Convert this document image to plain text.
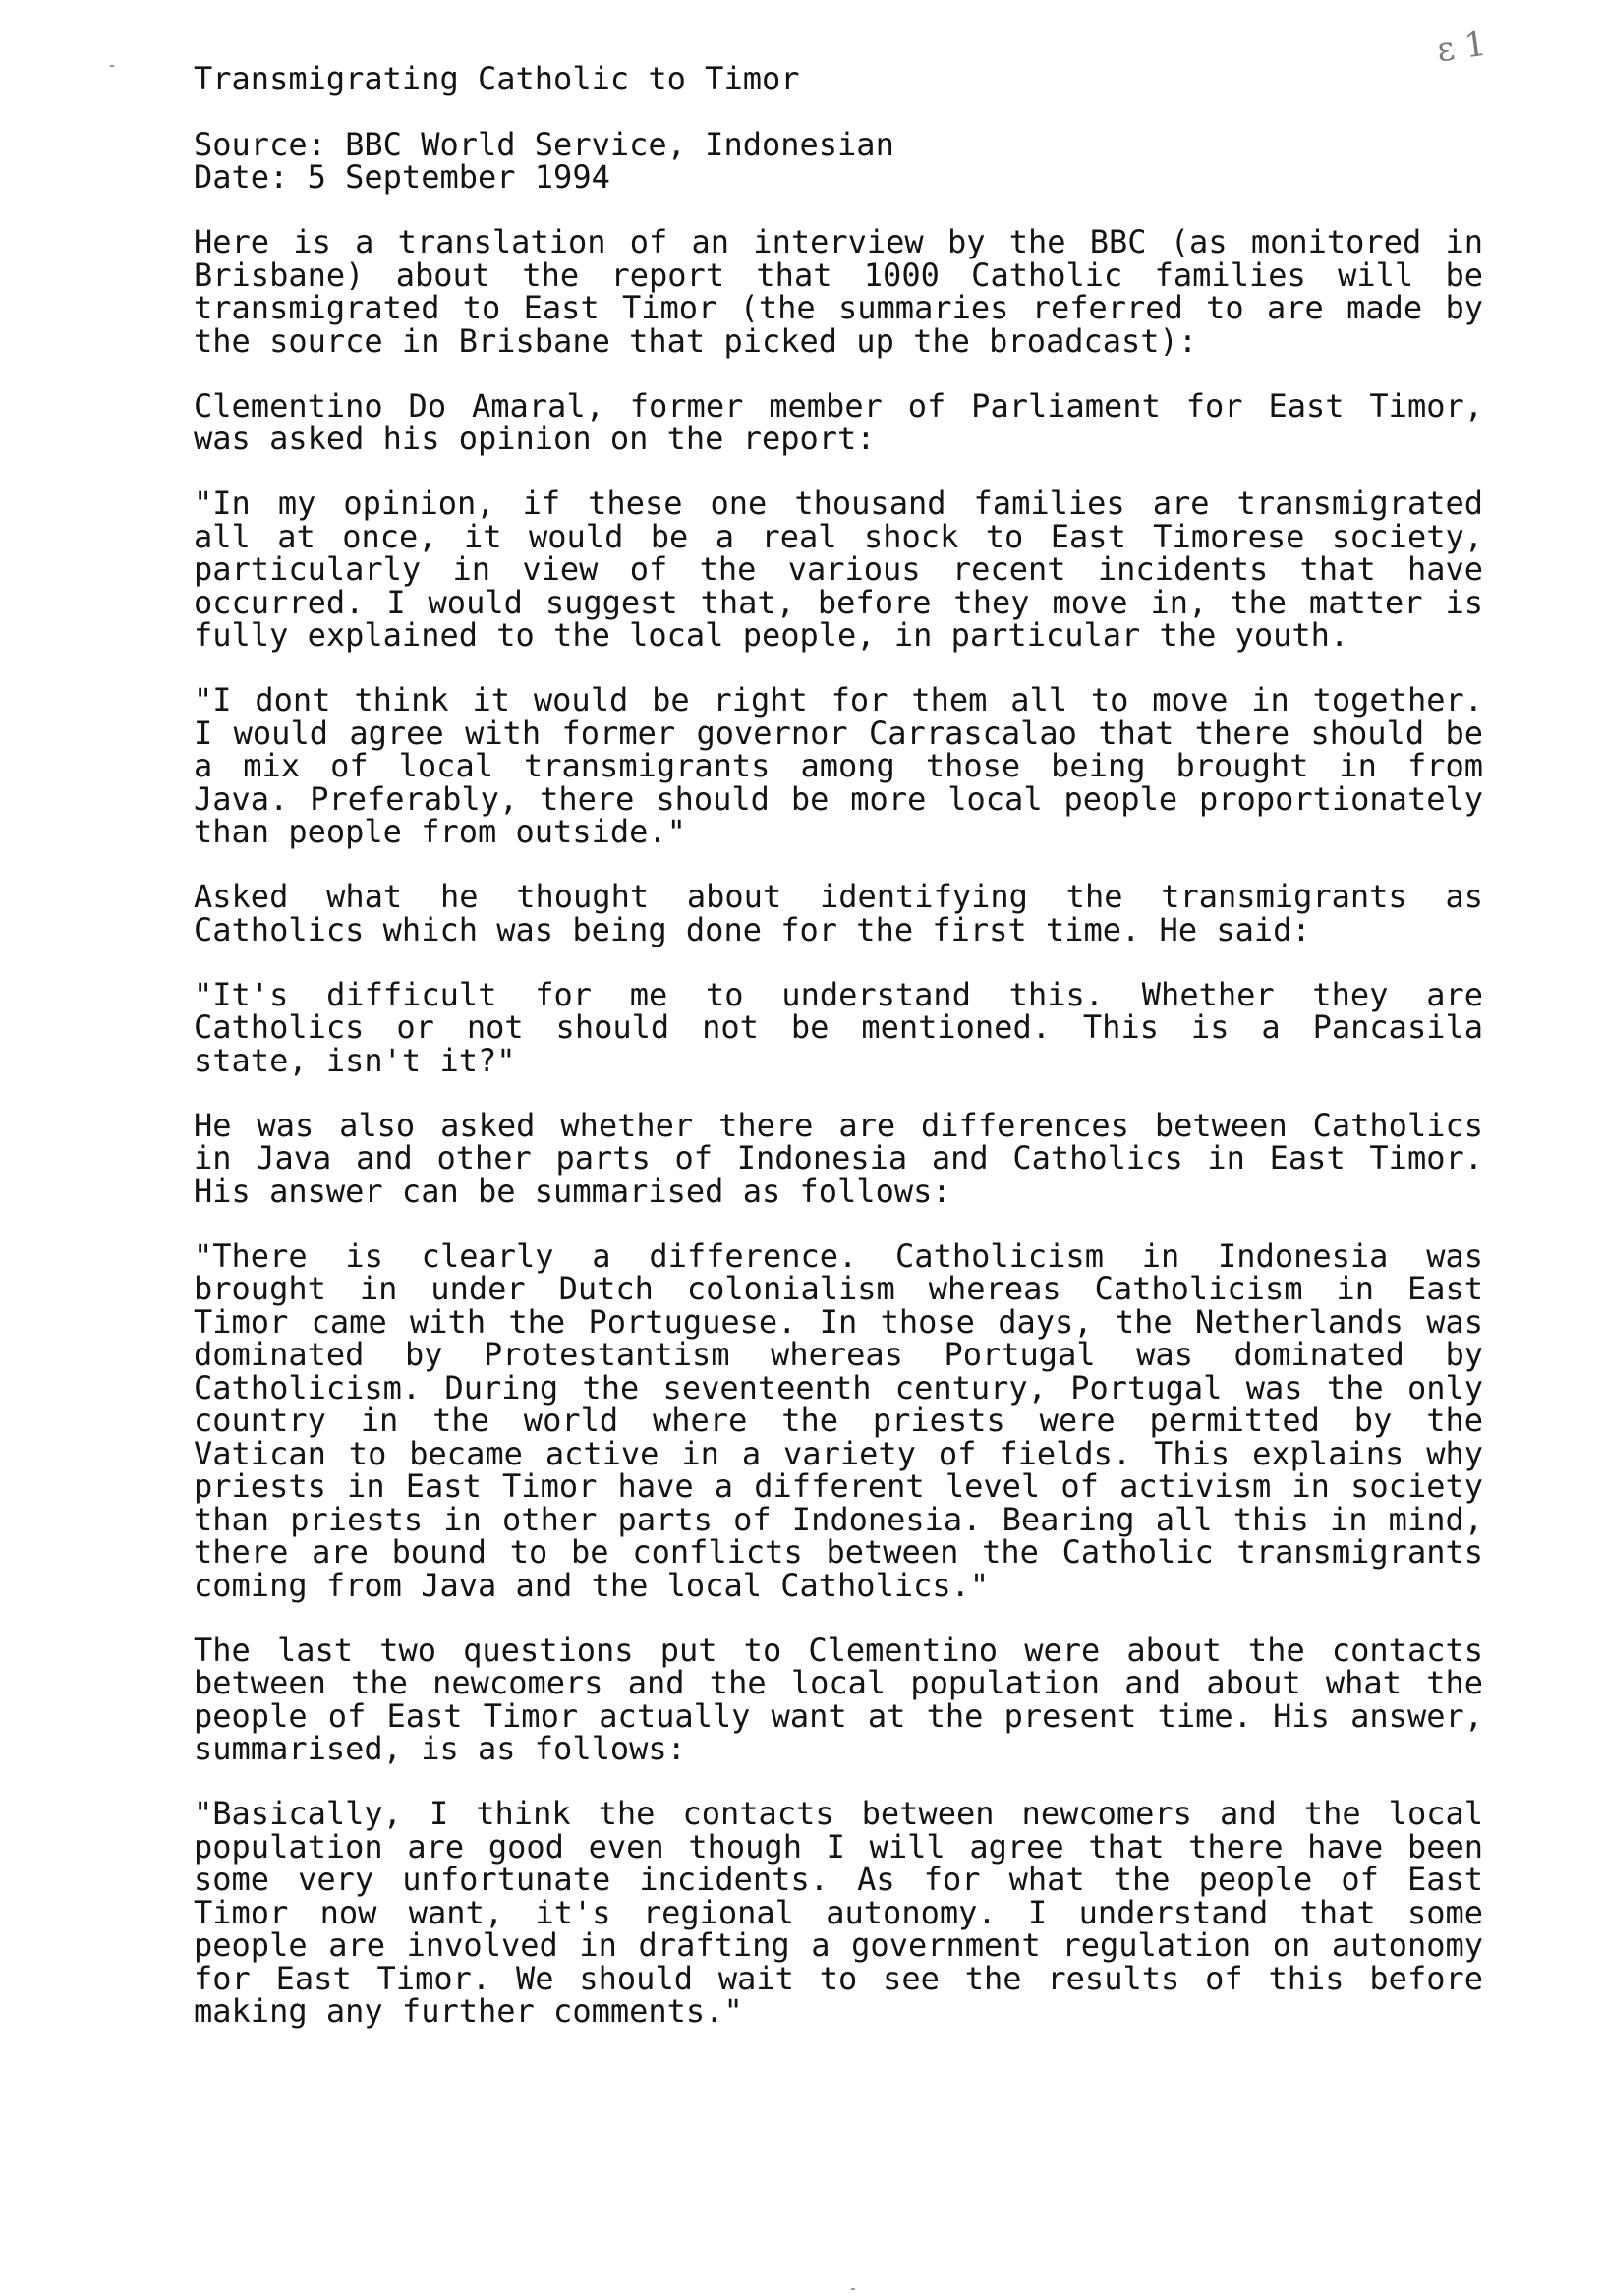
ε 1
Transmigrating Catholic to Timor
Source: BBC World Service, Indonesian
Date: 5 September 1994
Here is a translation of an interview by the BBC (as monitored in
Brisbane) about the report that 1000 Catholic families will be
transmigrated to East Timor (the summaries referred to are made by
the source in Brisbane that picked up the broadcast):
Clementino Do Amaral, former member of Parliament for East Timor,
was asked his opinion on the report:
"In my opinion, if these one thousand families are transmigrated
all at once, it would be a real shock to East Timorese society,
particularly in view of the various recent incidents that have
occurred. I would suggest that, before they move in, the matter is
fully explained to the local people, in particular the youth.
"I dont think it would be right for them all to move in together.
I would agree with former governor Carrascalao that there should be
a mix of local transmigrants among those being brought in from
Java. Preferably, there should be more local people proportionately
than people from outside."
Asked what he thought about identifying the transmigrants as
Catholics which was being done for the first time. He said:
"It's difficult for me to understand this. Whether they are
Catholics or not should not be mentioned. This is a Pancasila
state, isn't it?"
He was also asked whether there are differences between Catholics
in Java and other parts of Indonesia and Catholics in East Timor.
His answer can be summarised as follows:
"There is clearly a difference. Catholicism in Indonesia was
brought in under Dutch colonialism whereas Catholicism in East
Timor came with the Portuguese. In those days, the Netherlands was
dominated by Protestantism whereas Portugal was dominated by
Catholicism. During the seventeenth century, Portugal was the only
country in the world where the priests were permitted by the
Vatican to became active in a variety of fields. This explains why
priests in East Timor have a different level of activism in society
than priests in other parts of Indonesia. Bearing all this in mind,
there are bound to be conflicts between the Catholic transmigrants
coming from Java and the local Catholics."
The last two questions put to Clementino were about the contacts
between the newcomers and the local population and about what the
people of East Timor actually want at the present time. His answer,
summarised, is as follows:
"Basically, I think the contacts between newcomers and the local
population are good even though I will agree that there have been
some very unfortunate incidents. As for what the people of East
Timor now want, it's regional autonomy. I understand that some
people are involved in drafting a government regulation on autonomy
for East Timor. We should wait to see the results of this before
making any further comments."
